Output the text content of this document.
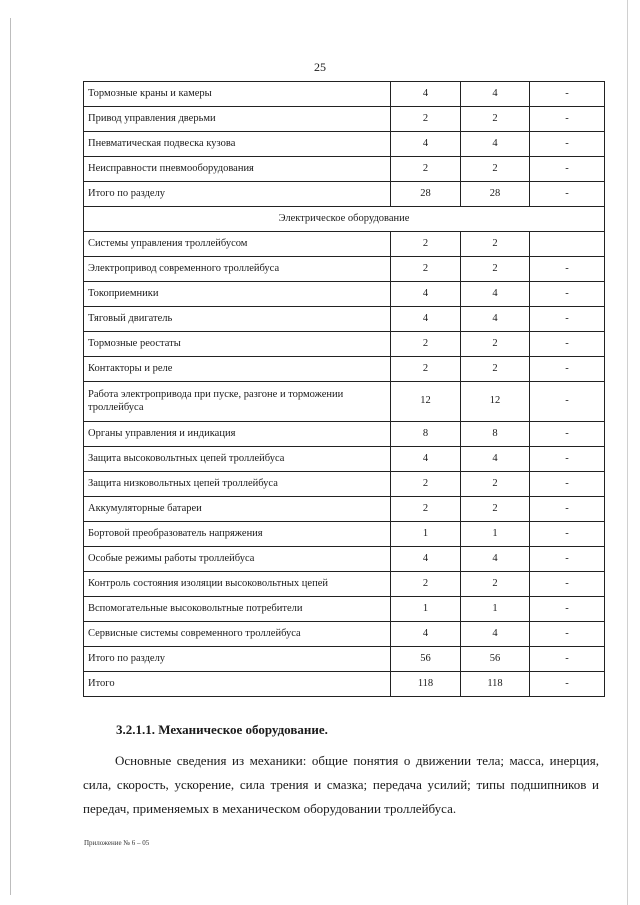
25
Тормозные краны и камеры	4	4	-
Привод управления дверьми	2	2	-
Пневматическая подвеска кузова	4	4	-
Неисправности пневмооборудования	2	2	-
Итого по разделу	28	28	-
Электрическое оборудование			
Системы управления троллейбусом	2	2	
Электропривод современного троллейбуса	2	2	-
Токоприемники	4	4	-
Тяговый двигатель	4	4	-
Тормозные реостаты	2	2	-
Контакторы и реле	2	2	-
Работа электропривода при пуске, разгоне и торможении троллейбуса	12	12	-
Органы управления и индикация	8	8	-
Защита высоковольтных цепей троллейбуса	4	4	-
Защита низковольтных цепей троллейбуса	2	2	-
Аккумуляторные батареи	2	2	-
Бортовой преобразователь напряжения	1	1	-
Особые режимы работы троллейбуса	4	4	-
Контроль состояния изоляции высоковольтных цепей	2	2	-
Вспомогательные высоковольтные потребители	1	1	-
Сервисные системы современного троллейбуса	4	4	-
Итого по разделу	56	56	-
Итого	118	118	-
3.2.1.1. Механическое оборудование.

Основные сведения из механики: общие понятия о движении тела; масса, инерция, сила, скорость, ускорение, сила трения и смазка; передача усилий; типы подшипников и передач, применяемых в механическом оборудовании троллейбуса.

Приложение № 6 – 05
